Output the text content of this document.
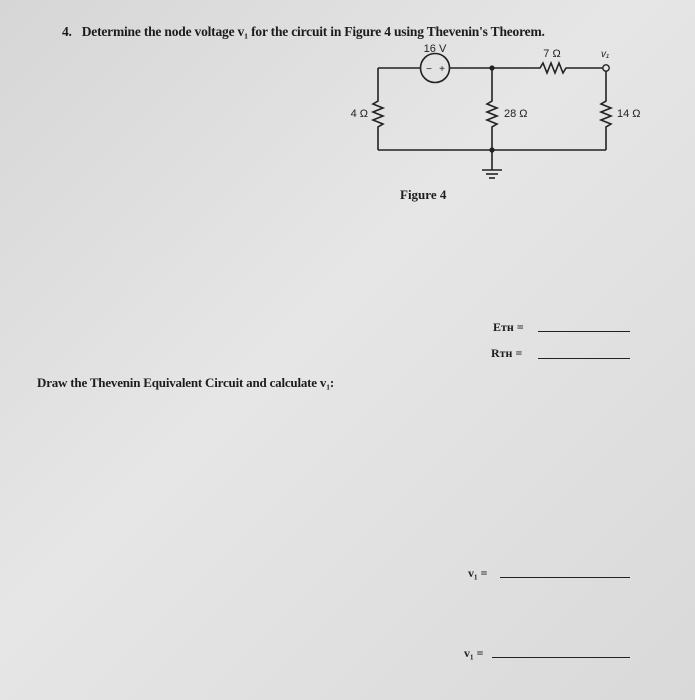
4. Determine the node voltage v₁ for the circuit in Figure 4 using Thevenin's Theorem.
16 V
− +
7 Ω
4 Ω	28 Ω	14 Ω
v₁
Figure 4
Eᴛʜ =
Rᴛʜ =
Draw the Thevenin Equivalent Circuit and calculate v₁:
v₁ =
v₁ =
